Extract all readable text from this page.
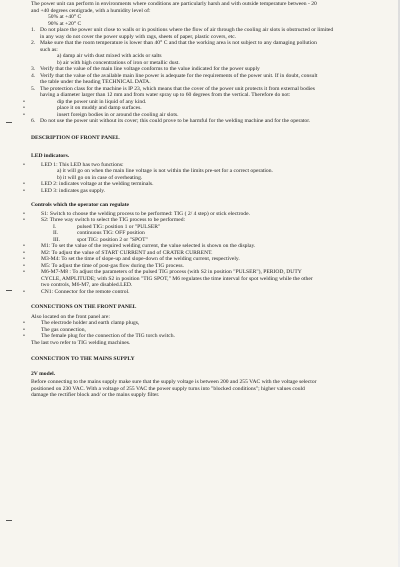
The power unit can perform in environments where conditions are particularly harsh and with outside temperature between - 20
and +40 degrees centigrade, with a humidity level of:
50% at +40° C
90% at +20° C
1. Do not place the power unit close to walls or in positions where the flow of air through the cooling air slots is obstructed or limited
in any way do not cover the power supply with rags, sheets of paper, plastic covers, etc.
2. Make sure that the room temperature is lower than 40° C and that the working area is not subject to any damaging pollution
such as:
a) damp air with dust mixed with acids or salts
b) air with high concentrations of iron or metallic dust.
3. Verify that the value of the main line voltage conforms to the value indicated for the power supply
4. Verify that the value of the available main line power is adequate for the requirements of the power unit. If in doubt, consult
the table under the heading TECHNICAL DATA.
5. The protection class for the machine is IP 23, which means that the cover of the power unit protects it from external bodies
having a diameter larger than 12 mm and from water spray up to 60 degrees from the vertical. Therefore do not:
•	dip the power unit in liquid of any kind.
•	place it on muddy and damp surfaces.
•	insert foreign bodies in or around the cooling air slots.
6. Do not use the power unit without its cover; this could prove to be harmful for the welding machine and for the operator.
DESCRIPTION OF FRONT PANEL
LED indicators.
•	LED 1: This LED has two functions:
a) it will go on when the main line voltage is not within the limits pre-set for a correct operation.
b) it will go on in case of overheating.
•	LED 2: indicates voltage at the welding terminals.
•	LED 3: indicates gas supply.
Controls which the operator can regulate
•	S1: Switch to choose the welding process to be performed: TIG ( 2/ 4 step) or stick electrode.
•	S2: Three way switch to select the TIG process to be performed:
I.	pulsed TIG: position 1 or "PULSER"
II.	continuous TIG: OFF position
III.	spot TIG: position 2 or "SPOT"
•	M1: To set the value of the required welding current, the value selected is shown on the display.
•	M2: To adjust the value of START CURRENT and of CRATER CURRENT.
•	M3-M4: To set the time of slope-up and slope-down of the welding current, respectively.
•	M5: To adjust the time of post-gas flow during the TIG process.
•	M6-M7-M8 : To adjust the parameters of the pulsed TIG process (with S2 in position "PULSER"), PERIOD, DUTY
CYCLE, AMPLITUDE; with S2 in position "TIG SPOT," M6 regulates the time interval for spot welding while the other
two controls, M6-M7, are disabled.LED.
•	CN1: Connector for the remote control.
CONNECTIONS ON THE FRONT PANEL
Also located on the front panel are:
•	The electrode holder and earth clamp plugs,
•	The gas connection,
•	The female plug for the connection of the TIG torch switch.
The last two refer to TIG welding machines.
CONNECTION TO THE MAINS SUPPLY
2V model.
Before connecting to the mains supply make sure that the supply voltage is between 200 and 255 VAC with the voltage selector
positioned on 230 VAC. With a voltage of 255 VAC the power supply turns into "blocked conditions"; higher values could
damage the rectifier block and/ or the mains supply filter.
